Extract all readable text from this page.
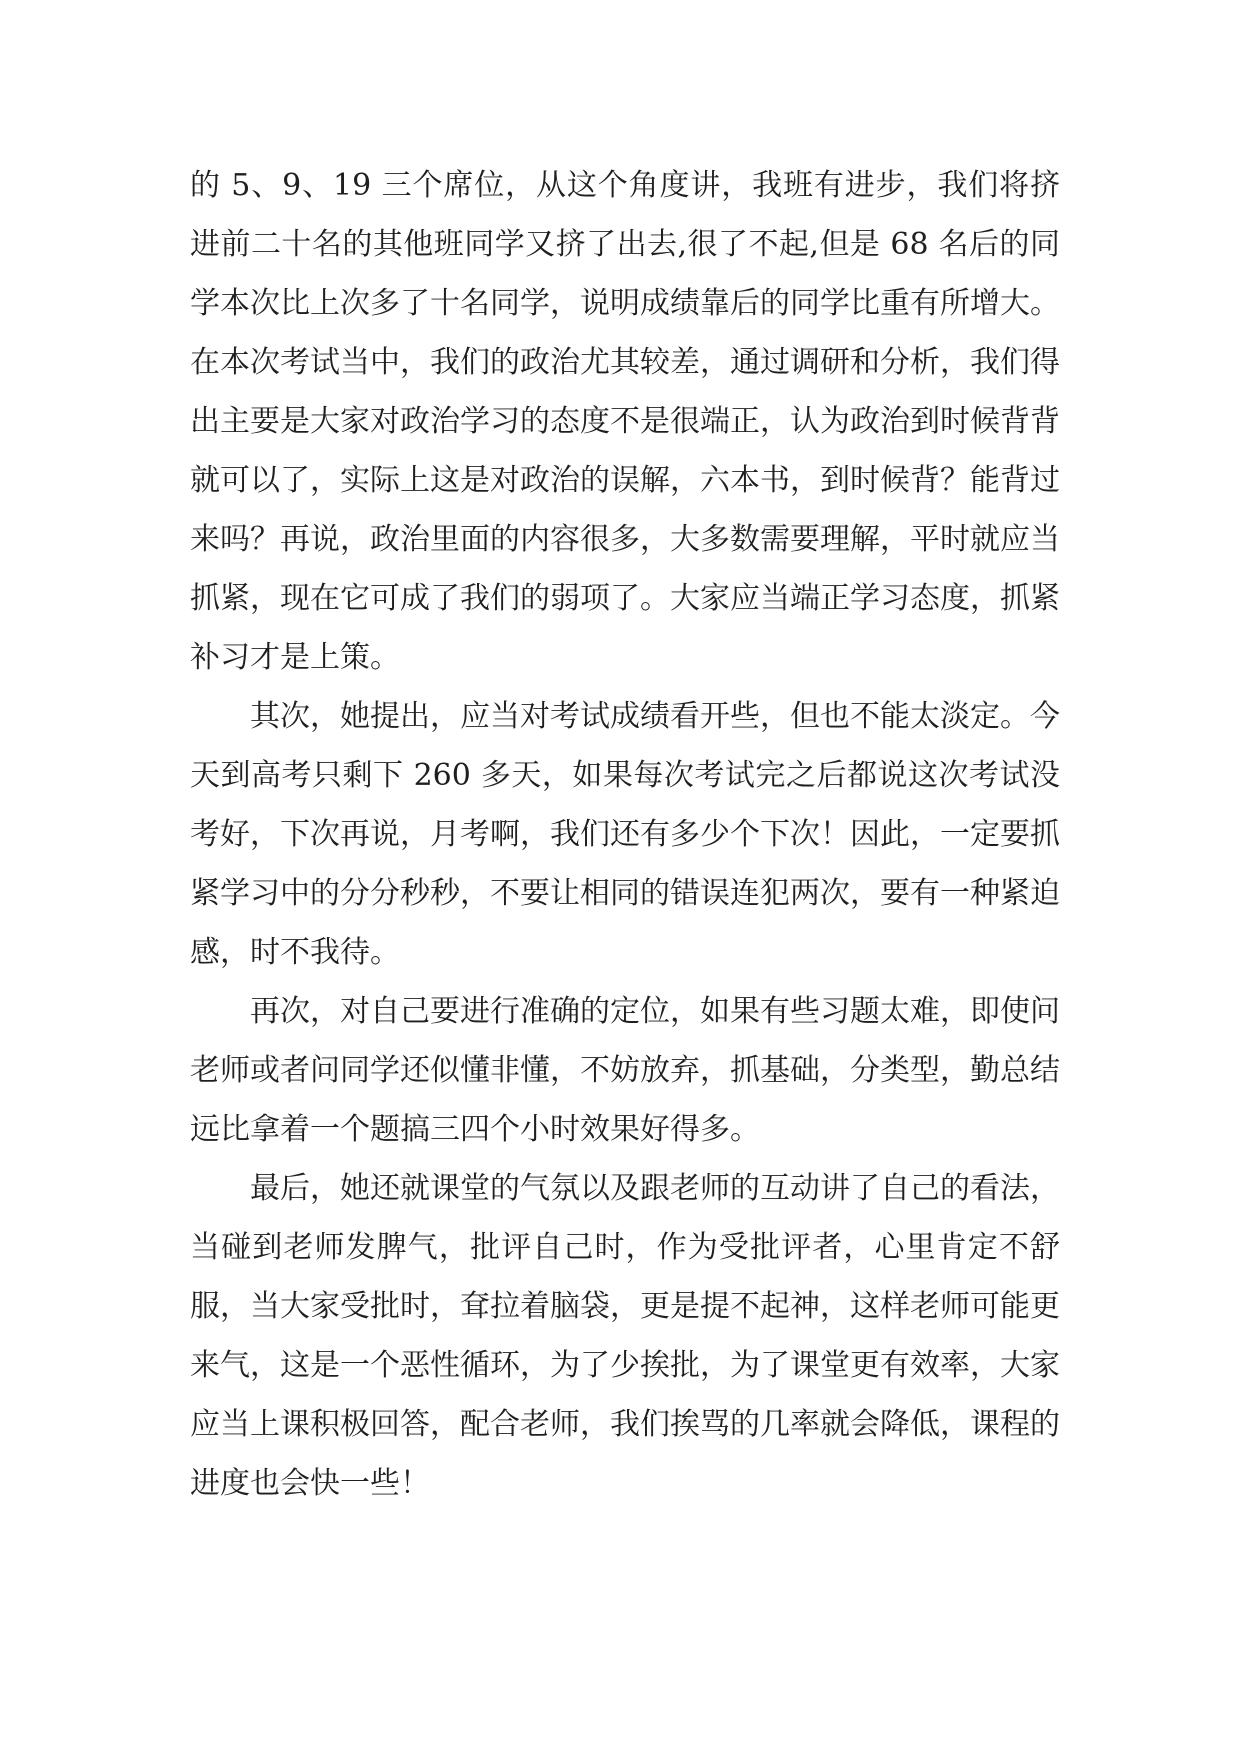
的 5、9、19 三个席位，从这个角度讲，我班有进步，我们将挤进前二十名的其他班同学又挤了出去,很了不起,但是 68 名后的同学本次比上次多了十名同学，说明成绩靠后的同学比重有所增大。在本次考试当中，我们的政治尤其较差，通过调研和分析，我们得出主要是大家对政治学习的态度不是很端正，认为政治到时候背背就可以了，实际上这是对政治的误解，六本书，到时候背？能背过来吗？再说，政治里面的内容很多，大多数需要理解，平时就应当抓紧，现在它可成了我们的弱项了。大家应当端正学习态度，抓紧补习才是上策。

其次，她提出，应当对考试成绩看开些，但也不能太淡定。今天到高考只剩下 260 多天，如果每次考试完之后都说这次考试没考好，下次再说，月考啊，我们还有多少个下次！因此，一定要抓紧学习中的分分秒秒，不要让相同的错误连犯两次，要有一种紧迫感，时不我待。

再次，对自己要进行准确的定位，如果有些习题太难，即使问老师或者问同学还似懂非懂，不妨放弃，抓基础，分类型，勤总结远比拿着一个题搞三四个小时效果好得多。

最后，她还就课堂的气氛以及跟老师的互动讲了自己的看法，当碰到老师发脾气，批评自己时，作为受批评者，心里肯定不舒服，当大家受批时，耷拉着脑袋，更是提不起神，这样老师可能更来气，这是一个恶性循环，为了少挨批，为了课堂更有效率，大家应当上课积极回答，配合老师，我们挨骂的几率就会降低，课程的进度也会快一些！
